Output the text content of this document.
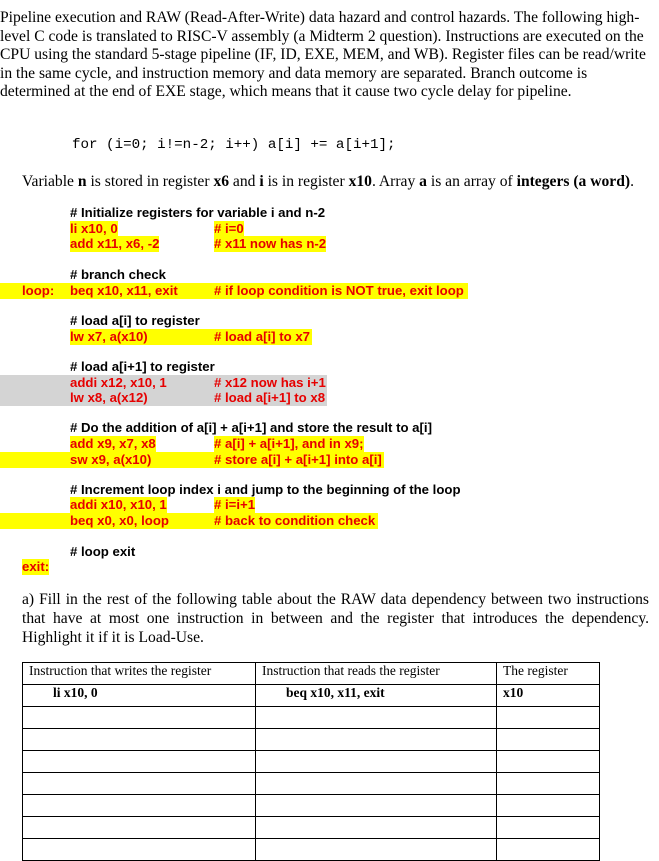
Pipeline execution and RAW (Read-After-Write) data hazard and control hazards. The following high-level C code is translated to RISC-V assembly (a Midterm 2 question). Instructions are executed on the CPU using the standard 5-stage pipeline (IF, ID, EXE, MEM, and WB). Register files can be read/write in the same cycle, and instruction memory and data memory are separated. Branch outcome is determined at the end of EXE stage, which means that it cause two cycle delay for pipeline.
for (i=0; i!=n-2; i++) a[i] += a[i+1];
Variable n is stored in register x6 and i is in register x10. Array a is an array of integers (a word).
# Initialize registers for variable i and n-2
li x10, 0	# i=0
add x11, x6, -2	# x11 now has n-2
# branch check
loop: beq x10, x11, exit	# if loop condition is NOT true, exit loop
# load a[i] to register
lw x7, a(x10)	# load a[i] to x7
# load a[i+1] to register
addi x12, x10, 1	# x12 now has i+1
lw x8, a(x12)	# load a[i+1] to x8
# Do the addition of a[i] + a[i+1] and store the result to a[i]
add x9, x7, x8	# a[i] + a[i+1], and in x9;
sw x9, a(x10)	# store a[i] + a[i+1] into a[i]
# Increment loop index i and jump to the beginning of the loop
addi x10, x10, 1	# i=i+1
beq x0, x0, loop	# back to condition check
# loop exit
exit:
a) Fill in the rest of the following table about the RAW data dependency between two instructions that have at most one instruction in between and the register that introduces the dependency. Highlight it if it is Load-Use.
Instruction that writes the register	Instruction that reads the register	The register
li x10, 0	beq x10, x11, exit	x10
